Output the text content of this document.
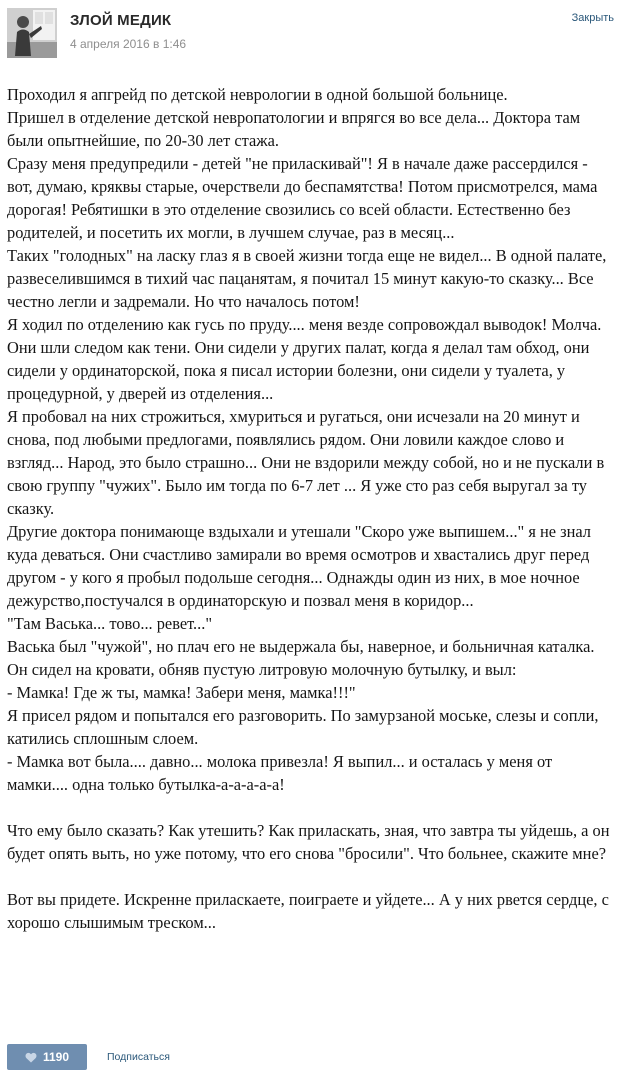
ЗЛОЙ МЕДИК
4 апреля 2016 в 1:46
Закрыть

Проходил я апгрейд по детской неврологии в одной большой больнице.

Пришел в отделение детской невропатологии и впрягся во все дела... Доктора там были опытнейшие, по 20-30 лет стажа.

Сразу меня предупредили - детей "не приласкивай"! Я в начале даже рассердился - вот, думаю, кряквы старые, очерствели до беспамятства! Потом присмотрелся, мама дорогая! Ребятишки в это отделение свозились со всей области. Естественно без родителей, и посетить их могли, в лучшем случае, раз в месяц...

Таких "голодных" на ласку глаз я в своей жизни тогда еще не видел... В одной палате, развеселившимся в тихий час пацанятам, я почитал 15 минут какую-то сказку... Все честно легли и задремали. Но что началось потом!

Я ходил по отделению как гусь по пруду.... меня везде сопровождал выводок! Молча. Они шли следом как тени. Они сидели у других палат, когда я делал там обход, они сидели у ординаторской, пока я писал истории болезни, они сидели у туалета, у процедурной, у дверей из отделения...

Я пробовал на них строжиться, хмуриться и ругаться, они исчезали на 20 минут и снова, под любыми предлогами, появлялись рядом. Они ловили каждое слово и взгляд... Народ, это было страшно... Они не вздорили между собой, но и не пускали в свою группу "чужих". Было им тогда по 6-7 лет ... Я уже сто раз себя выругал за ту сказку.

Другие доктора понимающе вздыхали и утешали "Скоро уже выпишем..." я не знал куда деваться. Они счастливо замирали во время осмотров и хвастались друг перед другом - у кого я пробыл подольше сегодня... Однажды один из них, в мое ночное дежурство,постучался в ординаторскую и позвал меня в коридор...

"Там Васька... тово... ревет..."

Васька был "чужой", но плач его не выдержала бы, наверное, и больничная каталка.

Он сидел на кровати, обняв пустую литровую молочную бутылку, и выл:

- Мамка! Где ж ты, мамка! Забери меня, мамка!!!"

Я присел рядом и попытался его разговорить. По замурзаной моське, слезы и сопли, катились сплошным слоем.

- Мамка вот была.... давно... молока привезла! Я выпил... и осталась у меня от мамки.... одна только бутылка-а-а-а-а-а!

Что ему было сказать? Как утешить? Как приласкать, зная, что завтра ты уйдешь, а он будет опять выть, но уже потому, что его снова "бросили". Что больнее, скажите мне?

Вот вы придете. Искренне приласкаете, поиграете и уйдете... А у них рвется сердце, с хорошо слышимым треском...

1190	Подписаться
